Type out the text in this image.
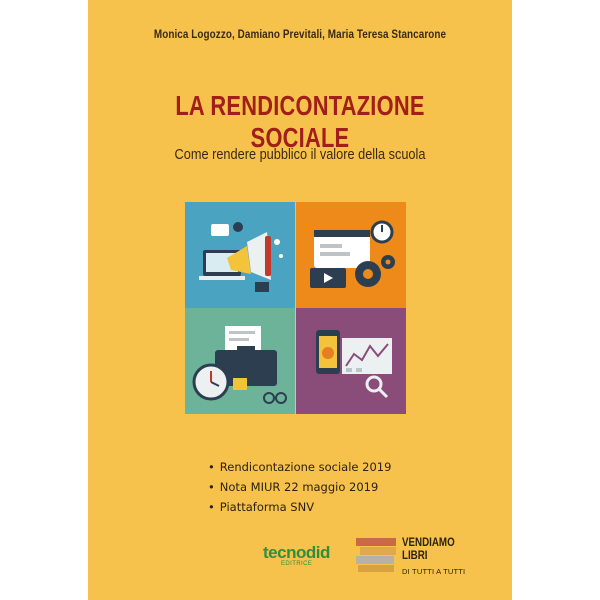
Monica Logozzo, Damiano Previtali, Maria Teresa Stancarone
LA RENDICONTAZIONE SOCIALE
Come rendere pubblico il valore della scuola
• Rendicontazione sociale 2019
• Nota MIUR 22 maggio 2019
• Piattaforma SNV
tecnodid
EDITRICE
VENDIAMO
LIBRI
DI TUTTI A TUTTI
